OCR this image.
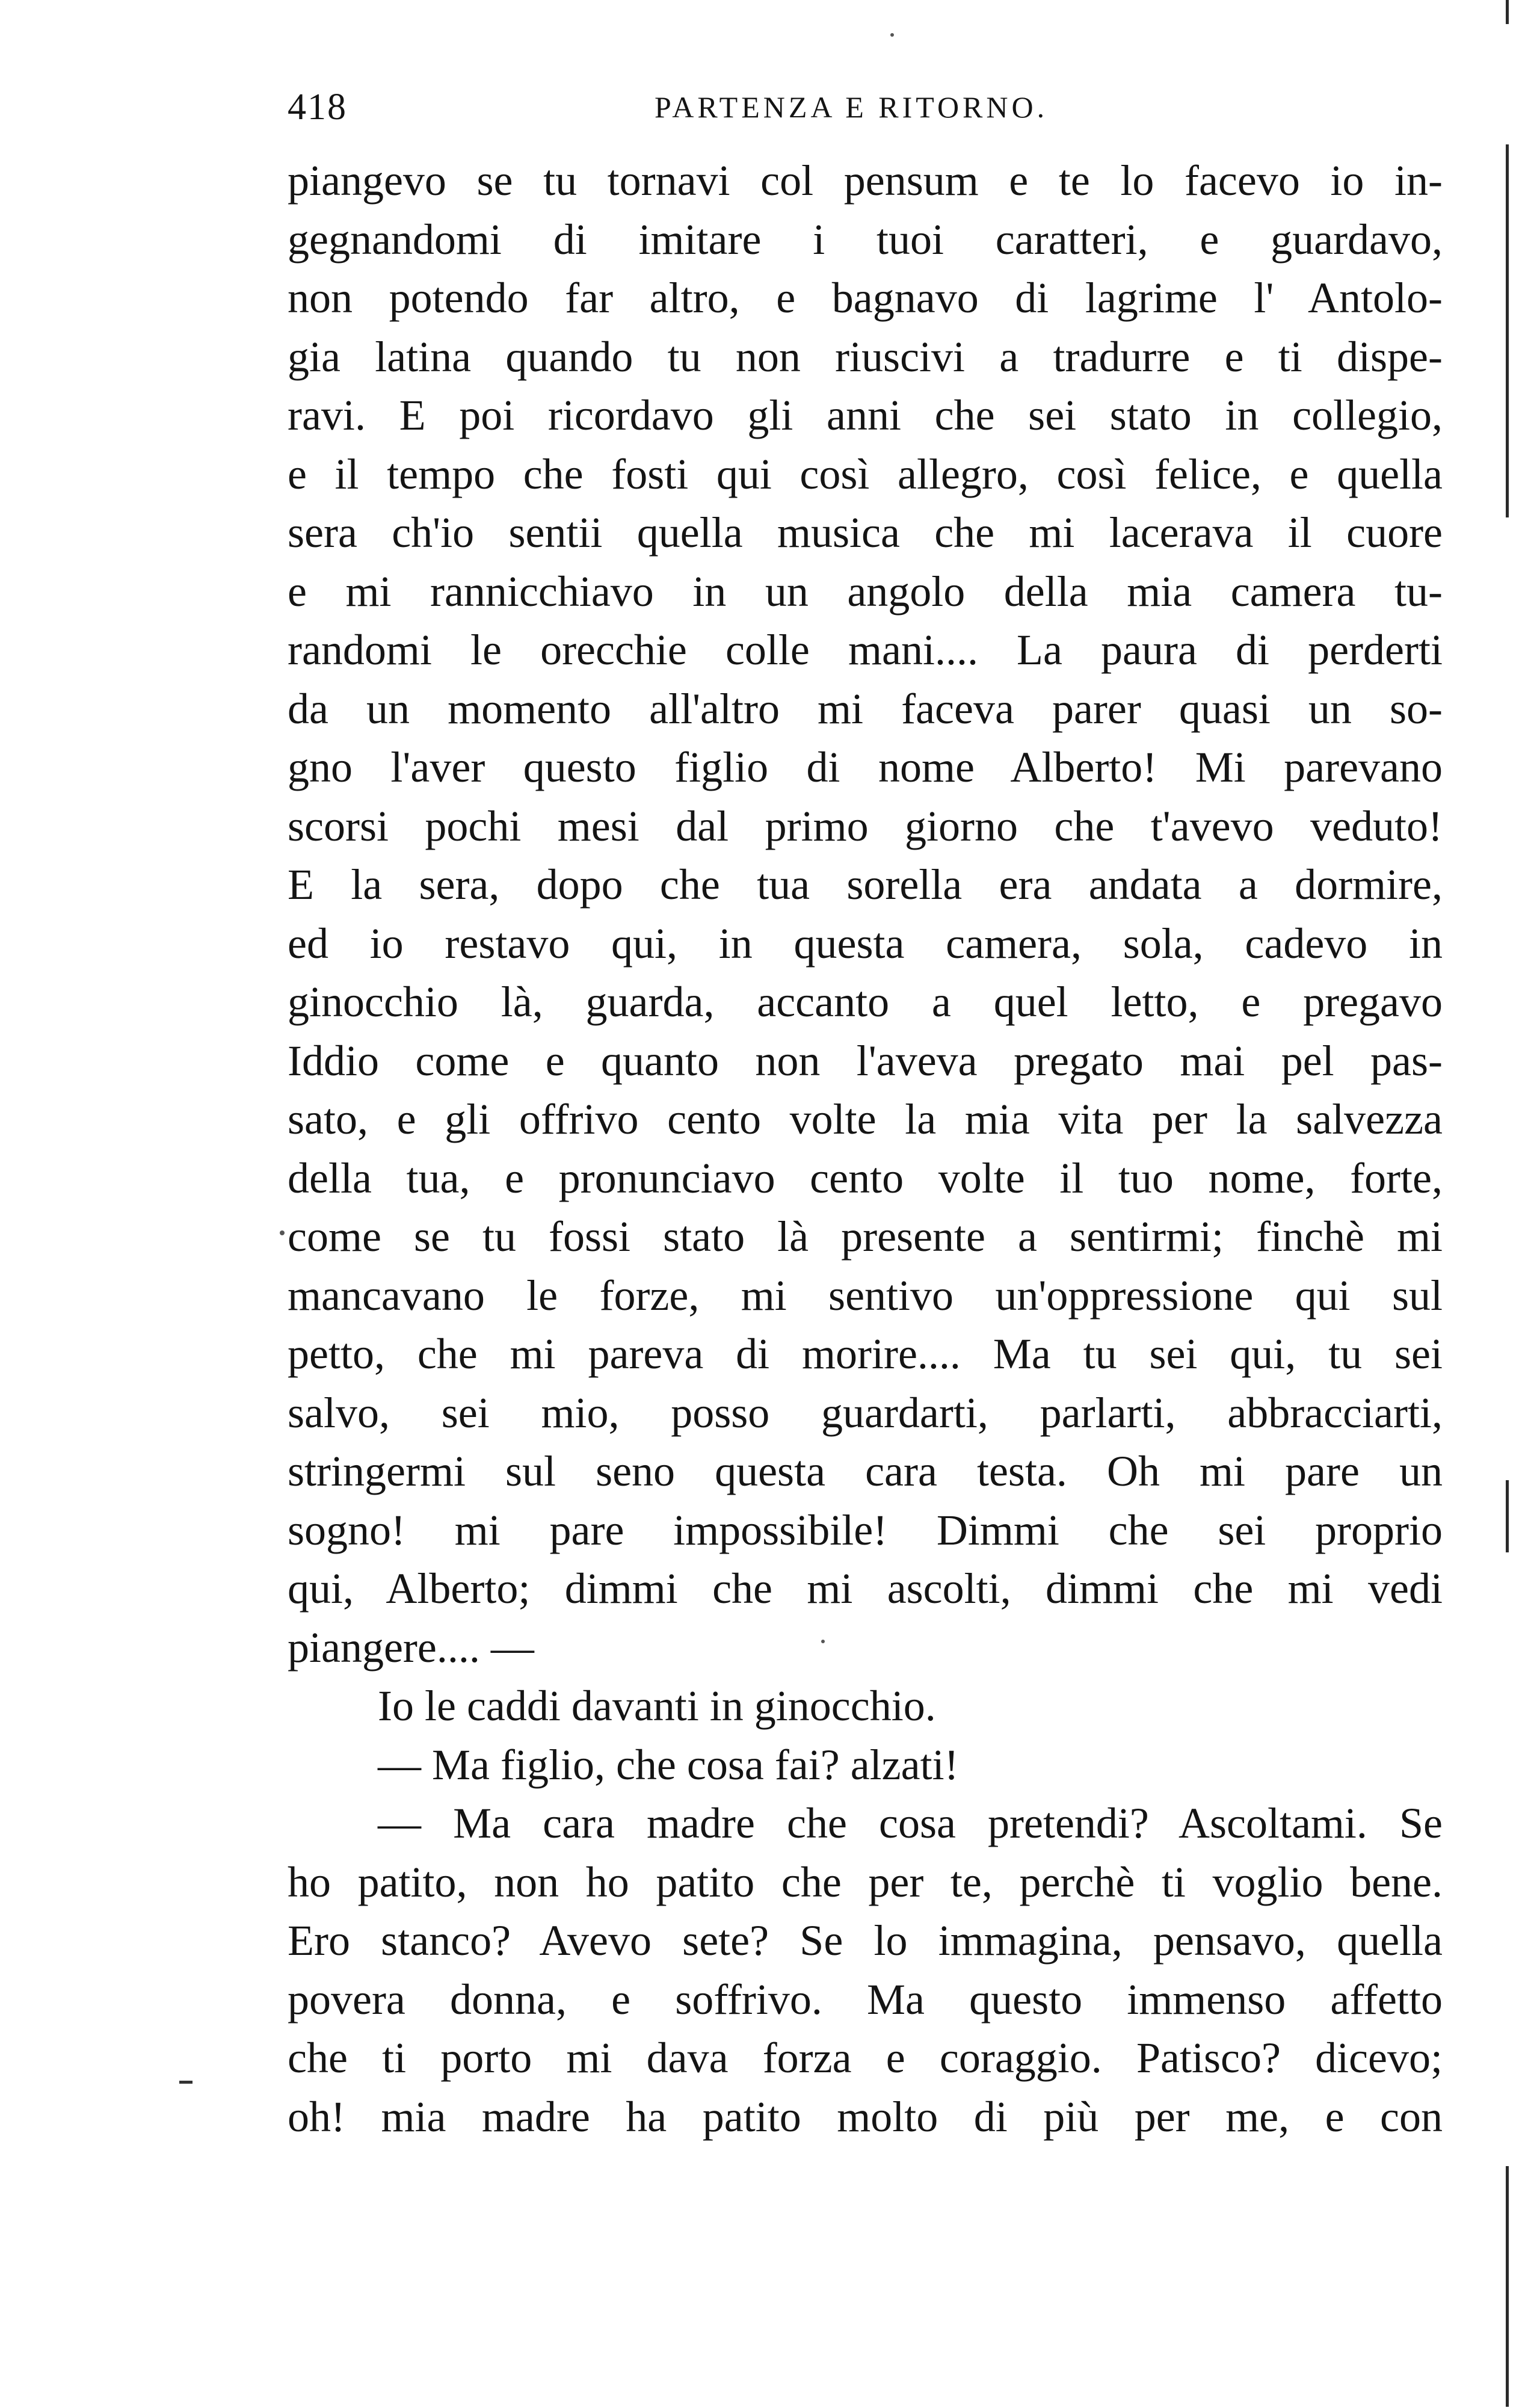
418	PARTENZA E RITORNO.
piangevo se tu tornavi col pensum e te lo facevo io in-
gegnandomi di imitare i tuoi caratteri, e guardavo,
non potendo far altro, e bagnavo di lagrime l' Antolo-
gia latina quando tu non riuscivi a tradurre e ti dispe-
ravi. E poi ricordavo gli anni che sei stato in collegio,
e il tempo che fosti qui così allegro, così felice, e quella
sera ch'io sentii quella musica che mi lacerava il cuore
e mi rannicchiavo in un angolo della mia camera tu-
randomi le orecchie colle mani.... La paura di perderti
da un momento all'altro mi faceva parer quasi un so-
gno l'aver questo figlio di nome Alberto! Mi parevano
scorsi pochi mesi dal primo giorno che t'avevo veduto!
E la sera, dopo che tua sorella era andata a dormire,
ed io restavo qui, in questa camera, sola, cadevo in
ginocchio là, guarda, accanto a quel letto, e pregavo
Iddio come e quanto non l'aveva pregato mai pel pas-
sato, e gli offrivo cento volte la mia vita per la salvezza
della tua, e pronunciavo cento volte il tuo nome, forte,
come se tu fossi stato là presente a sentirmi; finchè mi
mancavano le forze, mi sentivo un'oppressione qui sul
petto, che mi pareva di morire.... Ma tu sei qui, tu sei
salvo, sei mio, posso guardarti, parlarti, abbracciarti,
stringermi sul seno questa cara testa. Oh mi pare un
sogno! mi pare impossibile! Dimmi che sei proprio
qui, Alberto; dimmi che mi ascolti, dimmi che mi vedi
piangere.... —
Io le caddi davanti in ginocchio.
— Ma figlio, che cosa fai? alzati!
— Ma cara madre che cosa pretendi? Ascoltami. Se
ho patito, non ho patito che per te, perchè ti voglio bene.
Ero stanco? Avevo sete? Se lo immagina, pensavo, quella
povera donna, e soffrivo. Ma questo immenso affetto
che ti porto mi dava forza e coraggio. Patisco? dicevo;
oh! mia madre ha patito molto di più per me, e con
